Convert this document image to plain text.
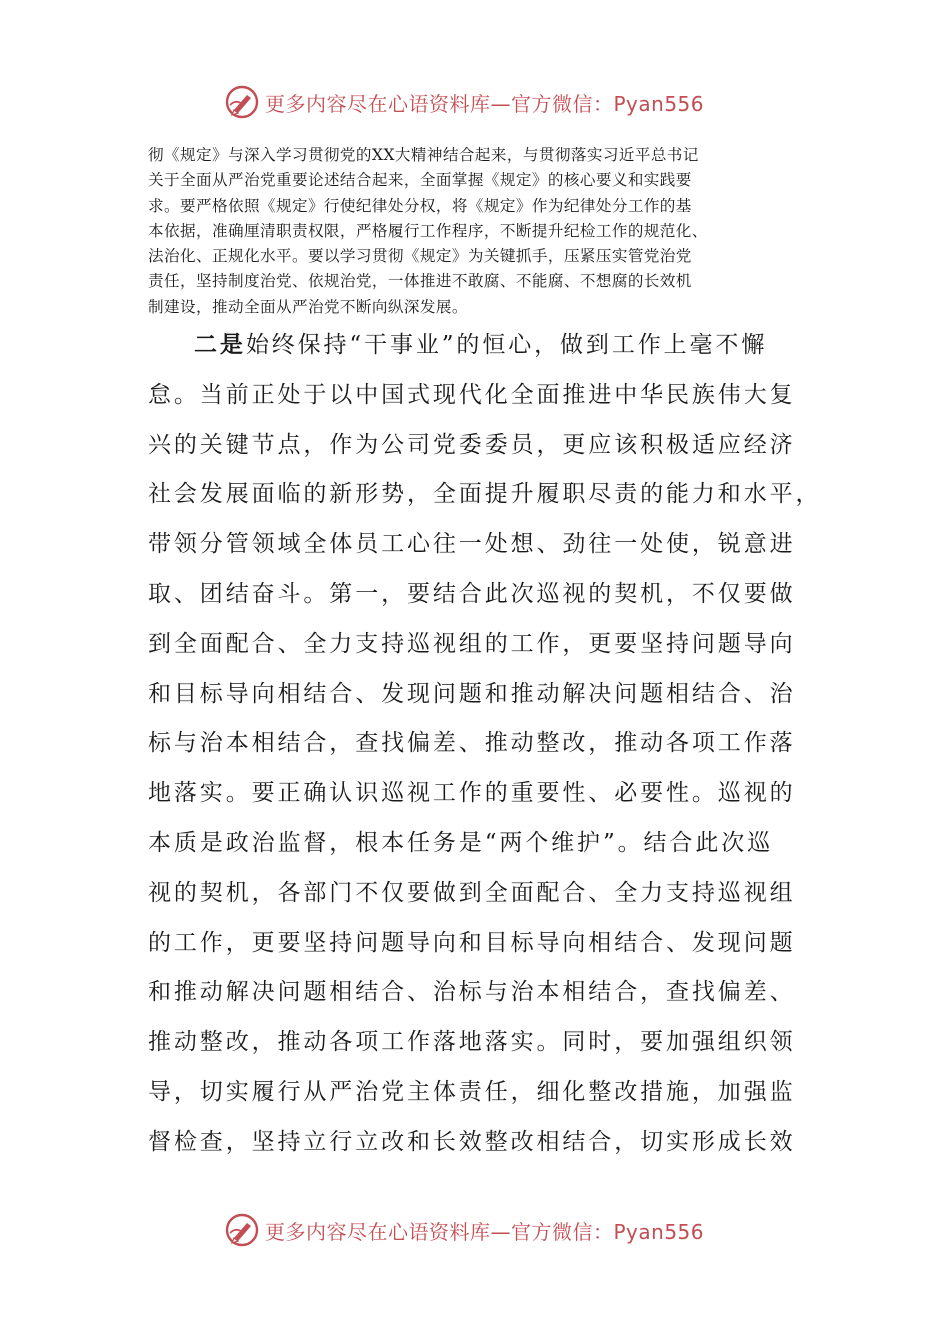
更多内容尽在心语资料库—官方微信：Pyan556
彻《规定》与深入学习贯彻党的XX大精神结合起来，与贯彻落实习近平总书记
关于全面从严治党重要论述结合起来，全面掌握《规定》的核心要义和实践要
求。要严格依照《规定》行使纪律处分权，将《规定》作为纪律处分工作的基
本依据，准确厘清职责权限，严格履行工作程序，不断提升纪检工作的规范化、
法治化、正规化水平。要以学习贯彻《规定》为关键抓手，压紧压实管党治党
责任，坚持制度治党、依规治党，一体推进不敢腐、不能腐、不想腐的长效机
制建设，推动全面从严治党不断向纵深发展。
二是始终保持“干事业”的恒心，做到工作上毫不懈
怠。当前正处于以中国式现代化全面推进中华民族伟大复
兴的关键节点，作为公司党委委员，更应该积极适应经济
社会发展面临的新形势，全面提升履职尽责的能力和水平，
带领分管领域全体员工心往一处想、劲往一处使，锐意进
取、团结奋斗。第一，要结合此次巡视的契机，不仅要做
到全面配合、全力支持巡视组的工作，更要坚持问题导向
和目标导向相结合、发现问题和推动解决问题相结合、治
标与治本相结合，查找偏差、推动整改，推动各项工作落
地落实。要正确认识巡视工作的重要性、必要性。巡视的
本质是政治监督，根本任务是“两个维护”。结合此次巡
视的契机，各部门不仅要做到全面配合、全力支持巡视组
的工作，更要坚持问题导向和目标导向相结合、发现问题
和推动解决问题相结合、治标与治本相结合，查找偏差、
推动整改，推动各项工作落地落实。同时，要加强组织领
导，切实履行从严治党主体责任，细化整改措施，加强监
督检查，坚持立行立改和长效整改相结合，切实形成长效
更多内容尽在心语资料库—官方微信：Pyan556
